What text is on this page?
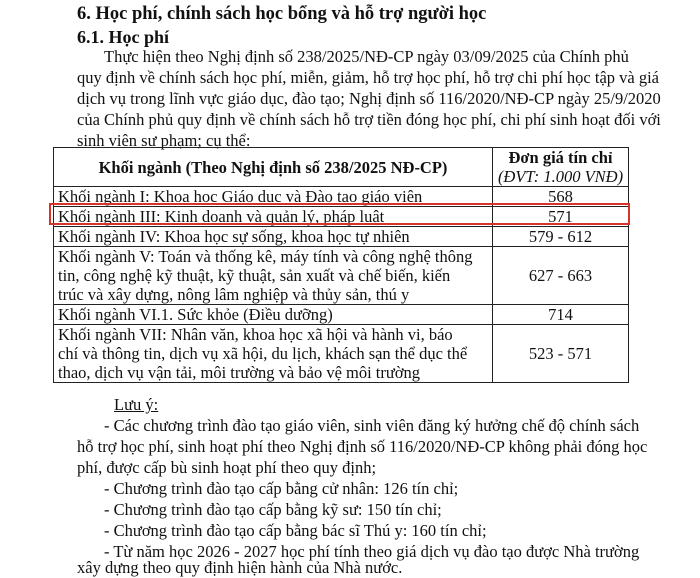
6. Học phí, chính sách học bổng và hỗ trợ người học
6.1. Học phí
Thực hiện theo Nghị định số 238/2025/NĐ-CP ngày 03/09/2025 của Chính phủ
quy định về chính sách học phí, miễn, giảm, hỗ trợ học phí, hỗ trợ chi phí học tập và giá
dịch vụ trong lĩnh vực giáo dục, đào tạo; Nghị định số 116/2020/NĐ-CP ngày 25/9/2020
của Chính phủ quy định về chính sách hỗ trợ tiền đóng học phí, chi phí sinh hoạt đối với
sinh viên sư phạm; cụ thể:
Khối ngành (Theo Nghị định số 238/2025 NĐ-CP)	Đơn giá tín chỉ
(ĐVT: 1.000 VNĐ)

Khối ngành I: Khoa học Giáo dục và Đào tạo giáo viên	568
Khối ngành III: Kinh doanh và quản lý, pháp luật	571
Khối ngành IV: Khoa học sự sống, khoa học tự nhiên	579 - 612

Khối ngành V: Toán và thống kê, máy tính và công nghệ thông
tin, công nghệ kỹ thuật, kỹ thuật, sản xuất và chế biến, kiến
trúc và xây dựng, nông lâm nghiệp và thủy sản, thú y	627 - 663
Khối ngành VI.1. Sức khỏe (Điều dưỡng)	714

Khối ngành VII: Nhân văn, khoa học xã hội và hành vi, báo
chí và thông tin, dịch vụ xã hội, du lịch, khách sạn thể dục thể
thao, dịch vụ vận tải, môi trường và bảo vệ môi trường	523 - 571
Lưu ý:
- Các chương trình đào tạo giáo viên, sinh viên đăng ký hưởng chế độ chính sách
hỗ trợ học phí, sinh hoạt phí theo Nghị định số 116/2020/NĐ-CP không phải đóng học
phí, được cấp bù sinh hoạt phí theo quy định;
- Chương trình đào tạo cấp bằng cử nhân: 126 tín chỉ;
- Chương trình đào tạo cấp bằng kỹ sư: 150 tín chỉ;
- Chương trình đào tạo cấp bằng bác sĩ Thú y: 160 tín chỉ;
- Từ năm học 2026 - 2027 học phí tính theo giá dịch vụ đào tạo được Nhà trường
xây dựng theo quy định hiện hành của Nhà nước.
